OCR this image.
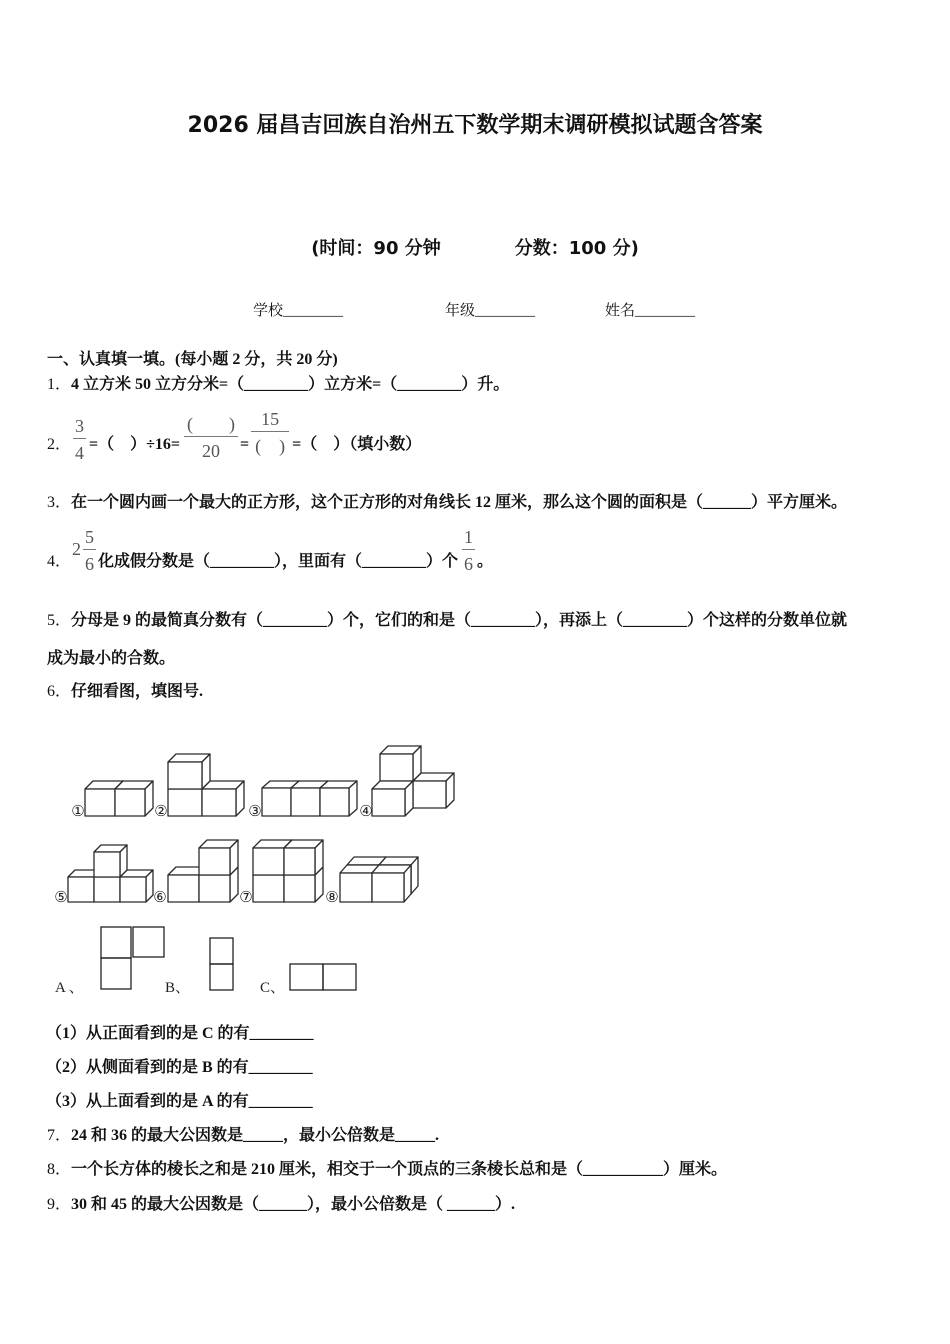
2026 届昌吉回族自治州五下数学期末调研模拟试题含答案
(时间：90 分钟	分数：100 分)
学校________	年级________	姓名________
一、认真填一填。(每小题 2 分，共 20 分)
1．4 立方米 50 立方分米=（________）立方米=（________）升。
2． $\frac{3}{4}$ =（　）$\div 16= \frac{( )}{20} = \frac{15}{( )}$ =（　）（填小数）
3．在一个圆内画一个最大的正方形，这个正方形的对角线长 12 厘米，那么这个圆的面积是（______）平方厘米。
4．
$2 \frac{5}{6}$ 化成假分数是（________），里面有（________）个 $\frac{1}{6}$ 。
5．分母是 9 的最简真分数有（________）个，它们的和是（________），再添上（________）个这样的分数单位就
成为最小的合数。
6．仔细看图，填图号.
①	②	③	④
⑤	⑥	⑦	⑧
A 、	B、	C、
（1）从正面看到的是 C 的有________
（2）从侧面看到的是 B 的有________
（3）从上面看到的是 A 的有________
7．24 和 36 的最大公因数是_____，最小公倍数是_____.
8．一个长方体的棱长之和是 210 厘米，相交于一个顶点的三条棱长总和是（__________）厘米。
9．30 和 45 的最大公因数是（______），最小公倍数是（ ______）.
